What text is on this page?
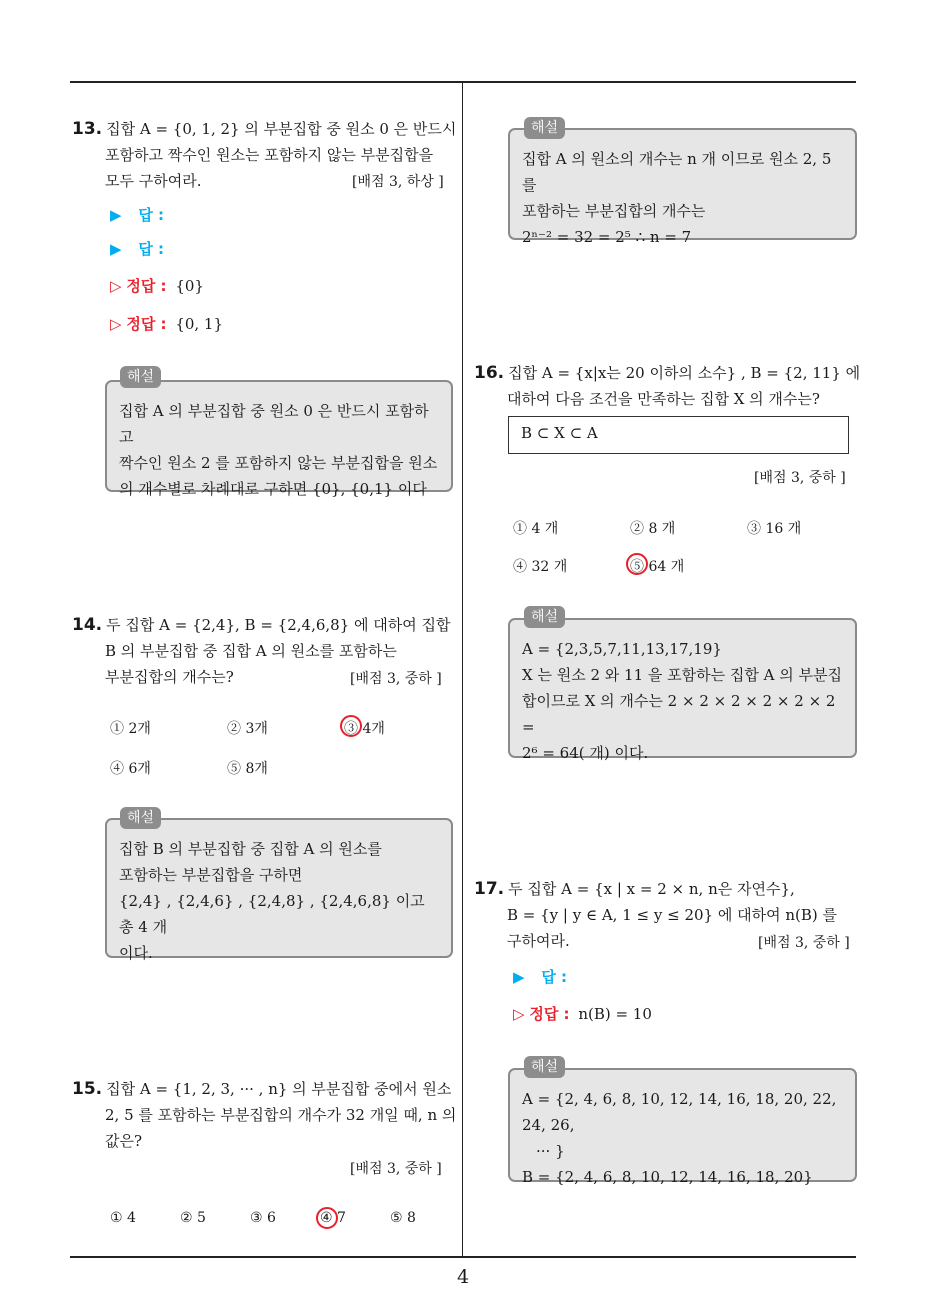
4
13. 집합 A = {0, 1, 2} 의 부분집합 중 원소 0 은 반드시
포함하고 짝수인 원소는 포함하지 않는 부분집합을
모두 구하여라.	[배점 3, 하상 ]
▶ 답 :
▶ 답 :
▷ 정답 : {0}
▷ 정답 : {0, 1}
집합 A 의 부분집합 중 원소 0 은 반드시 포함하고
짝수인 원소 2 를 포함하지 않는 부분집합을 원소
의 개수별로 차례대로 구하면 {0}, {0,1} 이다
해설
14. 두 집합 A = {2,4}, B = {2,4,6,8} 에 대하여 집합
B 의 부분집합 중 집합 A 의 원소를 포함하는
부분집합의 개수는?	[배점 3, 중하 ]
① 2개	② 3개	③ 4개
④ 6개	⑤ 8개
집합 B 의 부분집합 중 집합 A 의 원소를
포함하는 부분집합을 구하면
{2,4} , {2,4,6} , {2,4,8} , {2,4,6,8} 이고 총 4 개
이다.
해설
15. 집합 A = {1, 2, 3, ··· , n} 의 부분집합 중에서 원소
2, 5 를 포함하는 부분집합의 개수가 32 개일 때, n 의
값은?
[배점 3, 중하 ]
① 4	② 5	③ 6	④ 7	⑤ 8
집합 A 의 원소의 개수는 n 개 이므로 원소 2, 5 를
포함하는 부분집합의 개수는
2ⁿ⁻² = 32 = 2⁵ ∴ n = 7
해설
16. 집합 A = {x|x는 20 이하의 소수} , B = {2, 11} 에
대하여 다음 조건을 만족하는 집합 X 의 개수는?
B ⊂ X ⊂ A
[배점 3, 중하 ]
① 4 개	② 8 개	③ 16 개
④ 32 개	⑤ 64 개
A = {2,3,5,7,11,13,17,19}
X 는 원소 2 와 11 을 포함하는 집합 A 의 부분집
합이므로 X 의 개수는 2 × 2 × 2 × 2 × 2 × 2 =
2⁶ = 64( 개) 이다.
해설
17. 두 집합 A = {x | x = 2 × n, n은 자연수},
B = {y | y ∈ A, 1 ≤ y ≤ 20} 에 대하여 n(B) 를
구하여라.	[배점 3, 중하 ]
▶ 답 :
▷ 정답 : n(B) = 10
A = {2, 4, 6, 8, 10, 12, 14, 16, 18, 20, 22, 24, 26,
··· }
B = {2, 4, 6, 8, 10, 12, 14, 16, 18, 20}
해설
